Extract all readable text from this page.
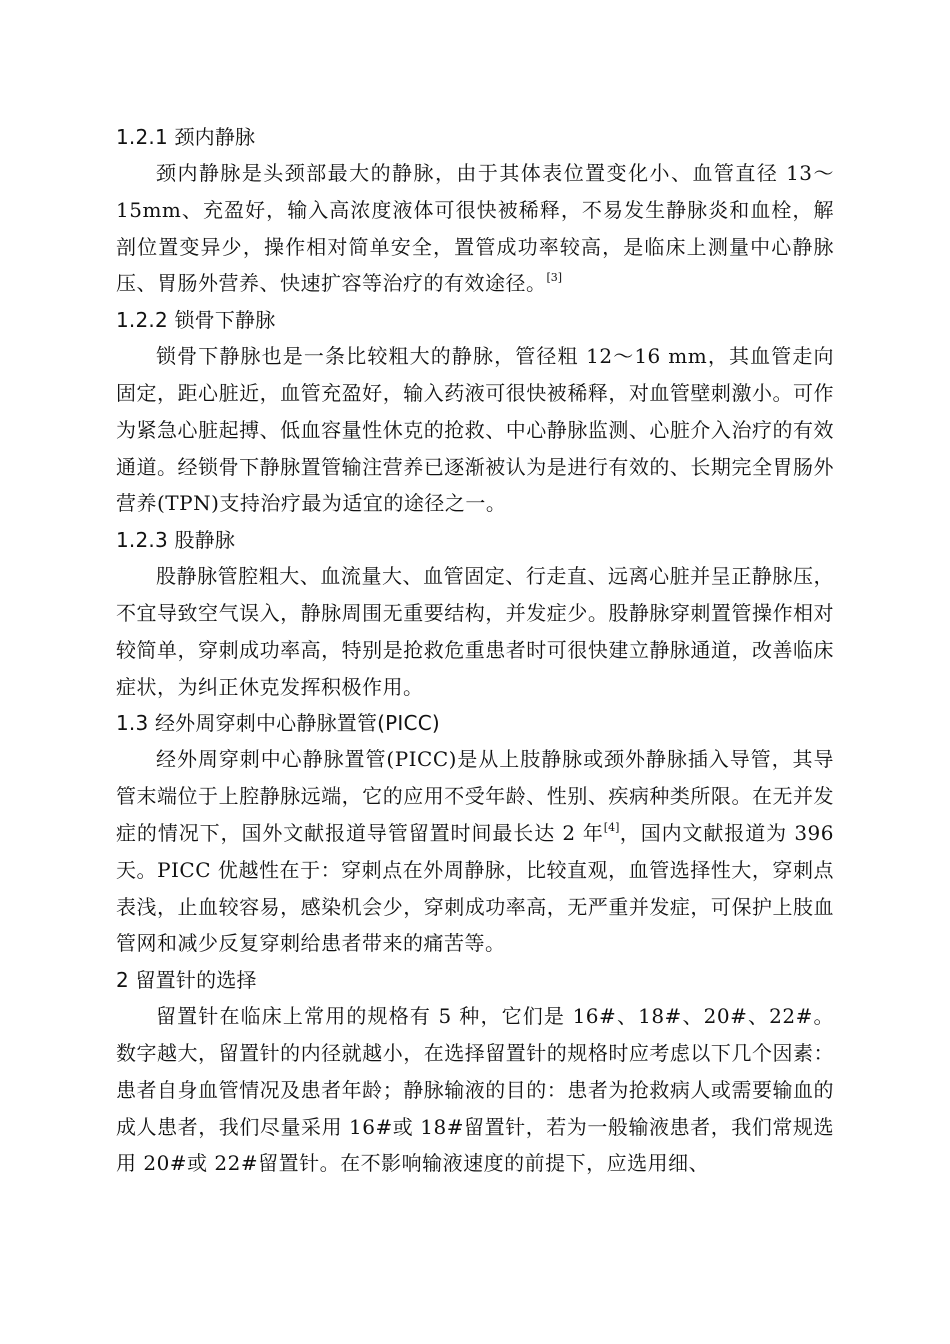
1.2.1 颈内静脉

颈内静脉是头颈部最大的静脉，由于其体表位置变化小、血管直径 13～15mm、充盈好，输入高浓度液体可很快被稀释，不易发生静脉炎和血栓，解剖位置变异少，操作相对简单安全，置管成功率较高，是临床上测量中心静脉压、胃肠外营养、快速扩容等治疗的有效途径。[3]

1.2.2 锁骨下静脉

锁骨下静脉也是一条比较粗大的静脉，管径粗 12～16 mm，其血管走向固定，距心脏近，血管充盈好，输入药液可很快被稀释，对血管壁刺激小。可作为紧急心脏起搏、低血容量性休克的抢救、中心静脉监测、心脏介入治疗的有效通道。经锁骨下静脉置管输注营养已逐渐被认为是进行有效的、长期完全胃肠外营养(TPN)支持治疗最为适宜的途径之一。

1.2.3 股静脉

股静脉管腔粗大、血流量大、血管固定、行走直、远离心脏并呈正静脉压，不宜导致空气误入，静脉周围无重要结构，并发症少。股静脉穿刺置管操作相对较简单，穿刺成功率高，特别是抢救危重患者时可很快建立静脉通道，改善临床症状，为纠正休克发挥积极作用。

1.3 经外周穿刺中心静脉置管(PICC)

经外周穿刺中心静脉置管(PICC)是从上肢静脉或颈外静脉插入导管，其导管末端位于上腔静脉远端，它的应用不受年龄、性别、疾病种类所限。在无并发症的情况下，国外文献报道导管留置时间最长达 2 年[4]，国内文献报道为 396 天。PICC 优越性在于：穿刺点在外周静脉，比较直观，血管选择性大，穿刺点表浅，止血较容易，感染机会少，穿刺成功率高，无严重并发症，可保护上肢血管网和减少反复穿刺给患者带来的痛苦等。

2 留置针的选择

留置针在临床上常用的规格有 5 种，它们是 16#、18#、20#、22#。数字越大，留置针的内径就越小，在选择留置针的规格时应考虑以下几个因素：患者自身血管情况及患者年龄；静脉输液的目的：患者为抢救病人或需要输血的成人患者，我们尽量采用 16#或 18#留置针，若为一般输液患者，我们常规选用 20#或 22#留置针。在不影响输液速度的前提下，应选用细、
